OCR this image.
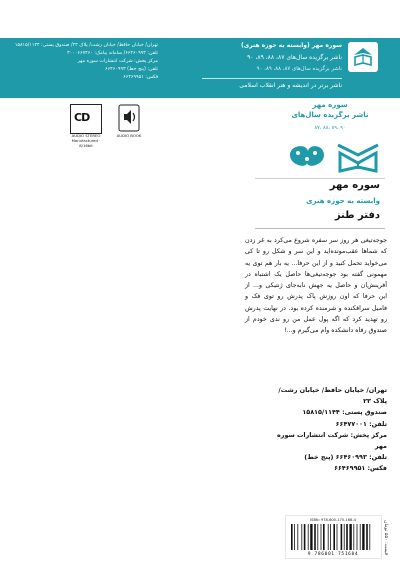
تهران/ خیابان حافظ/ خیابان رشت/ پلاک ۲۳/ صندوق پستی: ۱۵۸۱۵/۱۱۴۴
تلفن: ۶۶۴۶۰۹۹۳/ سامانه پیامک: ۳۰۰۰۶۶۷۴۶۰
مرکز پخش: شرکت انتشارات سوره مهر
تلفن: (پنج خط) ۶۶۴۶۰۹۹۳
فکس: ۶۶۴۶۹۹۵۱
سوره مهر (وابسته به حوزه هنری)
ناشر برگزیده سال‌های ۸۷، ۸۸، ۸۹، ۹۰
ناشر برگزیده سال‌های ۸۷، ۸۸، ۸۹، ۹۰
ناشر برتر در اندیشه و هنر انقلاب اسلامی
CD
AUDIO STEREO
Manufactured · 8/16bit
AUDIO BOOK
سوره مهر
ناشر برگزیده سال‌های
۹۰ ،۸۹ ،۸۸ ،۸۷
سوره مهر
وابسته به حوزه هنری
دفتر طنز
جوجه‌تیغی هر روز سر سفره شروع می‌کرد به غر زدن که شما‌ها عقب‌مونده‌اید و این سر و شکل رو تا کی می‌خواید تحمل کنید و از این حرفا... یه بار هم توی یه مهمونی گفته بود جوجه‌تیغی‌ها حاصل یک اشتباه در آفرینش‌ان و حاصل یه جهش نابه‌جای ژنتیکی و... از این حرفا که اون روزش پاک پدرش رو توی فک و فامیل سرافکنده و شرمنده کرده بود. در نهایت پدرش رو تهدید کرد که اگه پول عمل من رو ندی خودم از صندوق رفاه دانشکده وام می‌گیرم و...!
تهران/ خیابان حافظ/ خیابان رشت/ پلاک ۲۳
صندوق پستی: ۱۵۸۱۵/۱۱۴۴
تلفن: ۶۶۴۷۷۰۰۱
مرکز پخش: شرکت انتشارات سوره مهر
تلفن: ۶۶۴۶۰۹۹۳ (پنج خط)
فکس: ۶۶۴۶۹۹۵۱
ISBN: 978-600-175-168-4
9 786001 751684
قیمت: ۵۵۰ تومان
